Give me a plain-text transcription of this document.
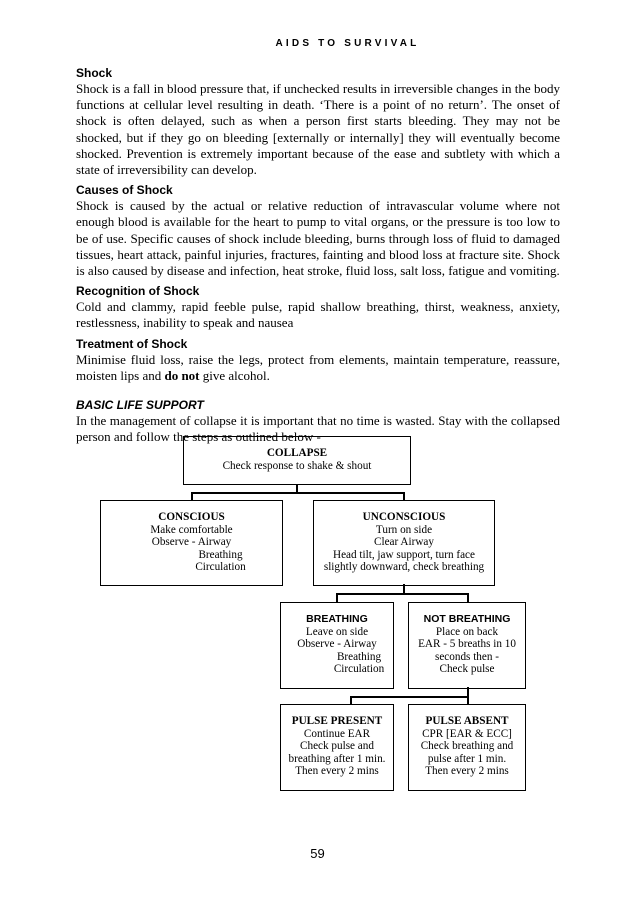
AIDS TO SURVIVAL
Shock

Shock is a fall in blood pressure that, if unchecked results in irreversible changes in the body functions at cellular level resulting in death. ‘There is a point of no return’. The onset of shock is often delayed, such as when a person first starts bleeding. They may not be shocked, but if they go on bleeding [externally or internally] they will eventually become shocked. Prevention is extremely important because of the ease and subtlety with which a state of irreversibility can develop.

Causes of Shock

Shock is caused by the actual or relative reduction of intravascular volume where not enough blood is available for the heart to pump to vital organs, or the pressure is too low to be of use. Specific causes of shock include bleeding, burns through loss of fluid to damaged tissues, heart attack, painful injuries, fractures, fainting and blood loss at fracture site. Shock is also caused by disease and infection, heat stroke, fluid loss, salt loss, fatigue and vomiting.

Recognition of Shock

Cold and clammy, rapid feeble pulse, rapid shallow breathing, thirst, weakness, anxiety, restlessness, inability to speak and nausea

Treatment of Shock

Minimise fluid loss, raise the legs, protect from elements, maintain temperature, reassure, moisten lips and do not give alcohol.

BASIC LIFE SUPPORT

In the management of collapse it is important that no time is wasted. Stay with the collapsed person and follow the steps as outlined below -

COLLAPSE
Check response to shake & shout
CONSCIOUS
Make comfortable
Observe - Airway
Breathing
Circulation
UNCONSCIOUS
Turn on side
Clear Airway
Head tilt, jaw support, turn face
slightly downward, check breathing
BREATHING
Leave on side
Observe - Airway
Breathing
Circulation
NOT BREATHING
Place on back
EAR - 5 breaths in 10
seconds then -
Check pulse
PULSE PRESENT
Continue EAR
Check pulse and
breathing after 1 min.
Then every 2 mins
PULSE ABSENT
CPR [EAR & ECC]
Check breathing and
pulse after 1 min.
Then every 2 mins
59
